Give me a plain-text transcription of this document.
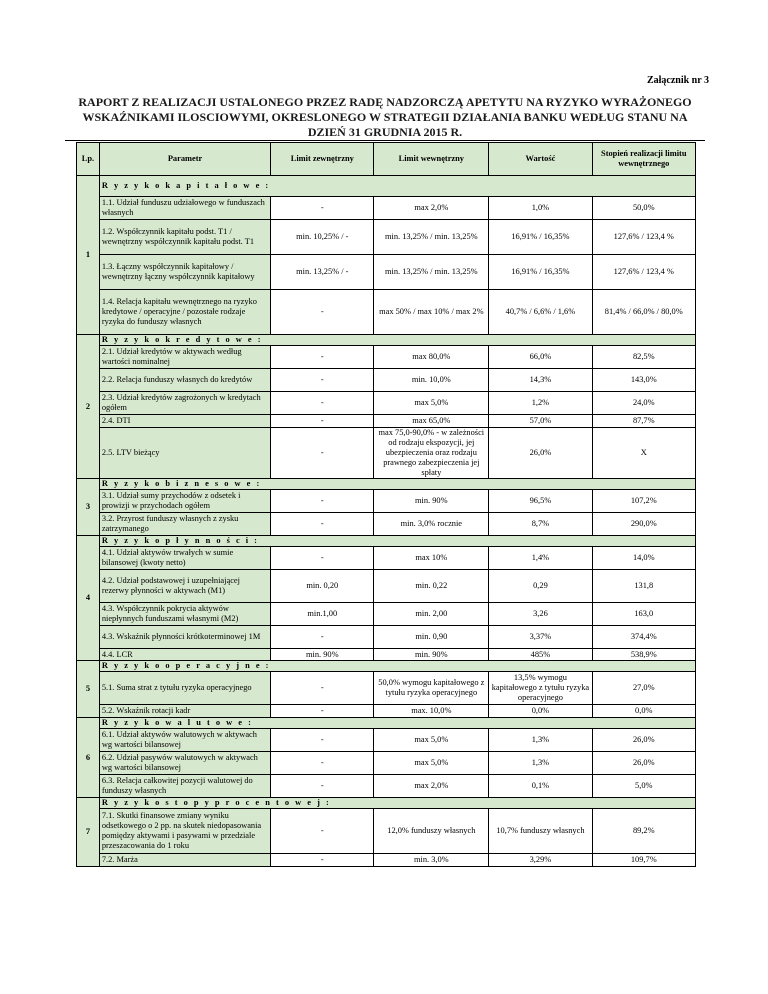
Załącznik nr 3
RAPORT Z REALIZACJI USTALONEGO PRZEZ RADĘ NADZORCZĄ APETYTU NA RYZYKO WYRAŻONEGO WSKAŹNIKAMI ILOSCIOWYMI, OKRESLONEGO W STRATEGII DZIAŁANIA BANKU WEDŁUG STANU NA DZIEŃ 31 GRUDNIA 2015 R.
Lp.	Parametr	Limit zewnętrzny	Limit wewnętrzny	Wartość	Stopień realizacji limitu wewnętrznego
1	R y z y k o k a p i t a ł o w e :				
	1.1. Udział funduszu udziałowego w funduszach własnych	-	max 2,0%	1,0%	50,0%
	1.2. Współczynnik kapitału podst. T1 / wewnętrzny współczynnik kapitału podst. T1	min. 10,25% / -	min. 13,25% / min. 13,25%	16,91% / 16,35%	127,6% / 123,4 %
	1.3. Łączny współczynnik kapitałowy / wewnętrzny łączny współczynnik kapitałowy	min. 13,25% / -	min. 13,25% / min. 13,25%	16,91% / 16,35%	127,6% / 123,4 %
	1.4. Relacja kapitału wewnętrznego na ryzyko kredytowe / operacyjne / pozostałe rodzaje ryzyka do funduszy własnych	-	max 50% / max 10% / max 2%	40,7% / 6,6% / 1,6%	81,4% / 66,0% / 80,0%
2	R y z y k o k r e d y t o w e :				
	2.1. Udział kredytów w aktywach według wartości nominalnej	-	max 80,0%	66,0%	82,5%
	2.2. Relacja funduszy własnych do kredytów	-	min. 10,0%	14,3%	143,0%
	2.3. Udział kredytów zagrożonych w kredytach ogółem	-	max 5,0%	1,2%	24,0%
	2.4. DTI	-	max 65,0%	57,0%	87,7%
	2.5. LTV bieżący	-	max 75,0-90,0% - w zależności od rodzaju ekspozycji, jej ubezpieczenia oraz rodzaju prawnego zabezpieczenia jej spłaty	26,0%	X
3	R y z y k o b i z n e s o w e :				
	3.1. Udział sumy przychodów z odsetek i prowizji w przychodach ogółem	-	min. 90%	96,5%	107,2%
	3.2. Przyrost funduszy własnych z zysku zatrzymanego	-	min. 3,0% rocznie	8,7%	290,0%
4	R y z y k o p ł y n n o ś c i :				
	4.1. Udział aktywów trwałych w sumie bilansowej (kwoty netto)	-	max 10%	1,4%	14,0%
	4.2. Udział podstawowej i uzupełniającej rezerwy płynności w aktywach (M1)	min. 0,20	min. 0,22	0,29	131,8
	4.3. Współczynnik pokrycia aktywów niepłynnych funduszami własnymi (M2)	min.1,00	min. 2,00	3,26	163,0
	4.3. Wskaźnik płynności krótkoterminowej 1M	-	min. 0,90	3,37%	374,4%
	4.4. LCR	min. 90%	min. 90%	485%	538,9%
5	R y z y k o o p e r a c y j n e :				
	5.1. Suma strat z tytułu ryzyka operacyjnego	-	50,0% wymogu kapitałowego z tytułu ryzyka operacyjnego	13,5% wymogu kapitałowego z tytułu ryzyka operacyjnego	27,0%
	5.2. Wskaźnik rotacji kadr	-	max. 10,0%	0,0%	0,0%
6	R y z y k o w a l u t o w e :				
	6.1. Udział aktywów walutowych w aktywach wg wartości bilansowej	-	max 5,0%	1,3%	26,0%
	6.2. Udział pasywów walutowych w aktywach wg wartości bilansowej	-	max 5,0%	1,3%	26,0%
	6.3. Relacja całkowitej pozycji walutowej do funduszy własnych	-	max 2,0%	0,1%	5,0%
7	R y z y k o s t o p y p r o c e n t o w e j :				
	7.1. Skutki finansowe zmiany wyniku odsetkowego o 2 pp. na skutek niedopasowania pomiędzy aktywami i pasywami w przedziale przeszacowania do 1 roku	-	12,0% funduszy własnych	10,7% funduszy własnych	89,2%
	7.2. Marża	-	min. 3,0%	3,29%	109,7%
